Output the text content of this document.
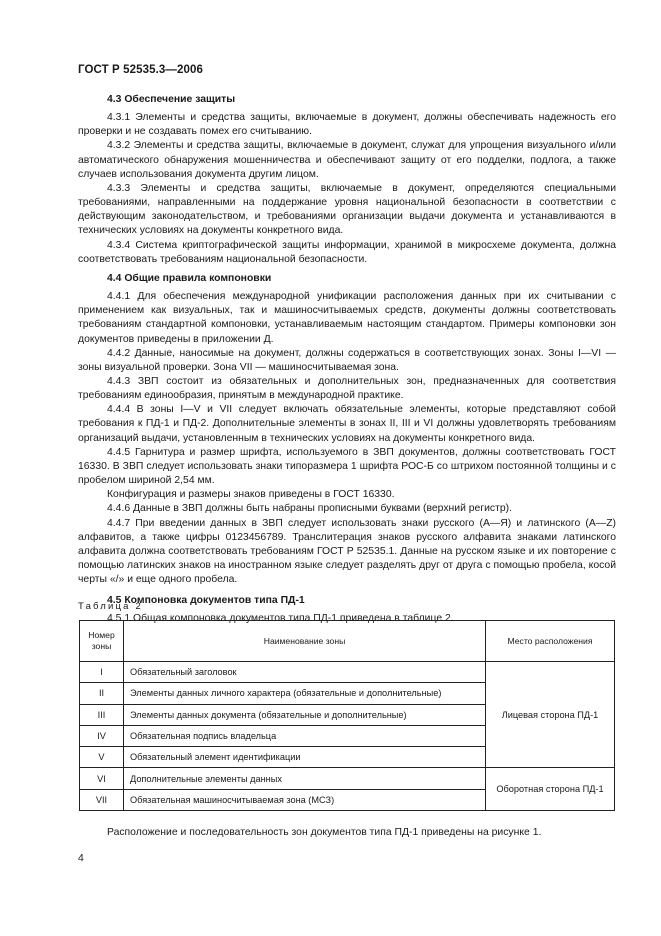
ГОСТ Р 52535.3—2006
4.3 Обеспечение защиты

4.3.1 Элементы и средства защиты, включаемые в документ, должны обеспечивать надежность его проверки и не создавать помех его считыванию.

4.3.2 Элементы и средства защиты, включаемые в документ, служат для упрощения визуального и/или автоматического обнаружения мошенничества и обеспечивают защиту от его подделки, подлога, а также случаев использования документа другим лицом.

4.3.3 Элементы и средства защиты, включаемые в документ, определяются специальными требованиями, направленными на поддержание уровня национальной безопасности в соответствии с действующим законодательством, и требованиями организации выдачи документа и устанавливаются в технических условиях на документы конкретного вида.

4.3.4 Система криптографической защиты информации, хранимой в микросхеме документа, должна соответствовать требованиям национальной безопасности.

4.4 Общие правила компоновки

4.4.1 Для обеспечения международной унификации расположения данных при их считывании с применением как визуальных, так и машиносчитываемых средств, документы должны соответствовать требованиям стандартной компоновки, устанавливаемым настоящим стандартом. Примеры компоновки зон документов приведены в приложении Д.

4.4.2 Данные, наносимые на документ, должны содержаться в соответствующих зонах. Зоны I—VI — зоны визуальной проверки. Зона VII — машиносчитываемая зона.

4.4.3 ЗВП состоит из обязательных и дополнительных зон, предназначенных для соответствия требованиям единообразия, принятым в международной практике.

4.4.4 В зоны I—V и VII следует включать обязательные элементы, которые представляют собой требования к ПД-1 и ПД-2. Дополнительные элементы в зонах II, III и VI должны удовлетворять требованиям организаций выдачи, установленным в технических условиях на документы конкретного вида.

4.4.5 Гарнитура и размер шрифта, используемого в ЗВП документов, должны соответствовать ГОСТ 16330. В ЗВП следует использовать знаки типоразмера 1 шрифта РОС-Б со штрихом постоянной толщины и с пробелом шириной 2,54 мм.

Конфигурация и размеры знаков приведены в ГОСТ 16330.

4.4.6 Данные в ЗВП должны быть набраны прописными буквами (верхний регистр).

4.4.7 При введении данных в ЗВП следует использовать знаки русского (А—Я) и латинского (А—Z) алфавитов, а также цифры 0123456789. Транслитерация знаков русского алфавита знаками латинского алфавита должна соответствовать требованиям ГОСТ Р 52535.1. Данные на русском языке и их повторение с помощью латинских знаков на иностранном языке следует разделять друг от друга с помощью пробела, косой черты «/» и еще одного пробела.

4.5 Компоновка документов типа ПД-1

4.5.1 Общая компоновка документов типа ПД-1 приведена в таблице 2.

Таблица 2
Номер зоны	Наименование зоны	Место расположения
I	Обязательный заголовок	Лицевая сторона ПД-1
II	Элементы данных личного характера (обязательные и дополнительные)	
III	Элементы данных документа (обязательные и дополнительные)	
IV	Обязательная подпись владельца	
V	Обязательный элемент идентификации	
VI	Дополнительные элементы данных	Оборотная сторона ПД-1
VII	Обязательная машиносчитываемая зона (МСЗ)	
Расположение и последовательность зон документов типа ПД-1 приведены на рисунке 1.
4
